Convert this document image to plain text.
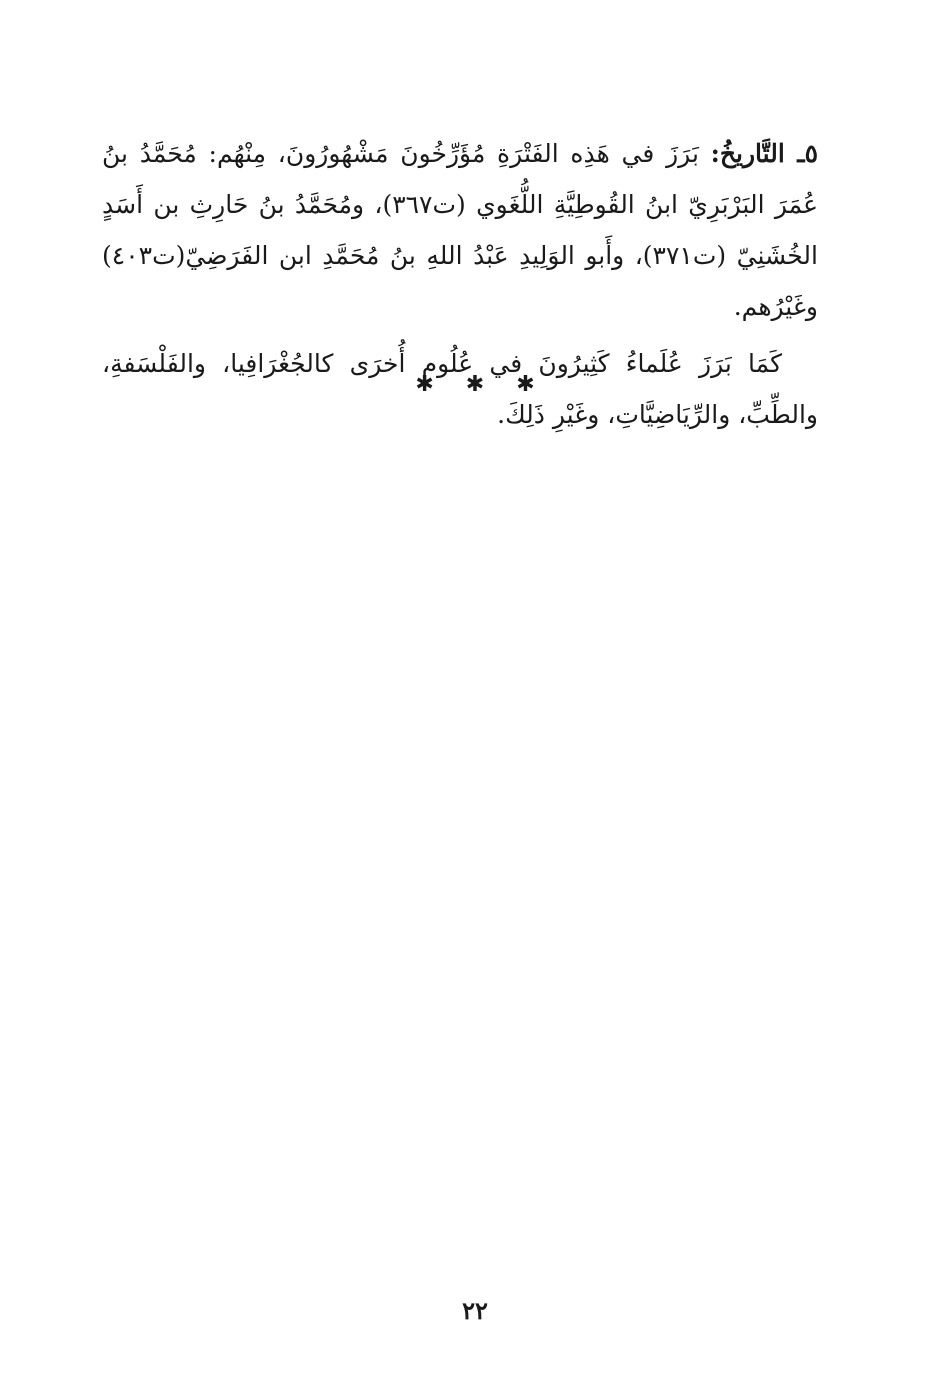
٥ـ التَّاريخُ: بَرَزَ في هَذِه الفَتْرَةِ مُؤَرِّخُونَ مَشْهُورُونَ، مِنْهُم: مُحَمَّدُ بنُ عُمَرَ البَرْبَرِيّ ابنُ القُوطِيَّةِ اللُّغَوي (ت٣٦٧)، ومُحَمَّدُ بنُ حَارِثِ بن أَسَدٍ الخُشَنِيّ (ت٣٧١)، وأَبو الوَلِيدِ عَبْدُ اللهِ بنُ مُحَمَّدِ ابن الفَرَضِيّ(ت٤٠٣) وغَيْرُهم.

كَمَا بَرَزَ عُلَماءُ كَثِيرُونَ في عُلُومٍ أُخرَى كالجُغْرَافِيا، والفَلْسَفةِ، والطِّبِّ، والرِّيَاضِيَّاتِ، وغَيْرِ ذَلِكَ.

✱ ✱ ✱
٢٢
